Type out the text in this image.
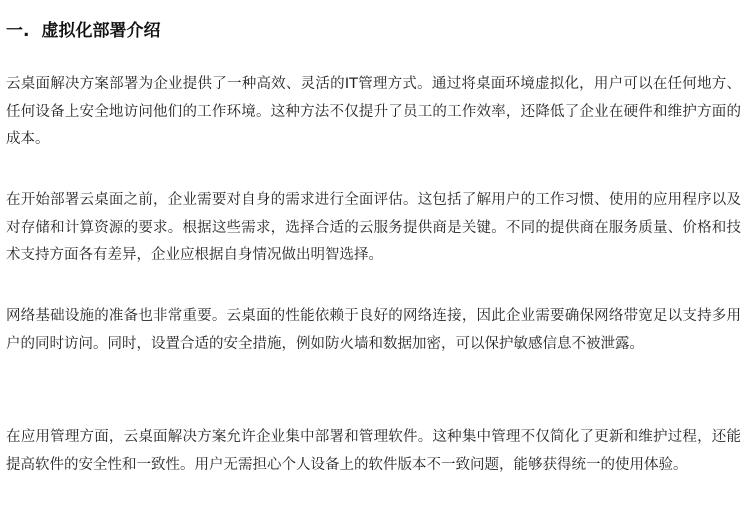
一. 虚拟化部署介绍

云桌面解决方案部署为企业提供了一种高效、灵活的IT管理方式。通过将桌面环境虚拟化，用户可以在任何地方、任何设备上安全地访问他们的工作环境。这种方法不仅提升了员工的工作效率，还降低了企业在硬件和维护方面的成本。

在开始部署云桌面之前，企业需要对自身的需求进行全面评估。这包括了解用户的工作习惯、使用的应用程序以及对存储和计算资源的要求。根据这些需求，选择合适的云服务提供商是关键。不同的提供商在服务质量、价格和技术支持方面各有差异，企业应根据自身情况做出明智选择。

网络基础设施的准备也非常重要。云桌面的性能依赖于良好的网络连接，因此企业需要确保网络带宽足以支持多用户的同时访问。同时，设置合适的安全措施，例如防火墙和数据加密，可以保护敏感信息不被泄露。

在应用管理方面，云桌面解决方案允许企业集中部署和管理软件。这种集中管理不仅简化了更新和维护过程，还能提高软件的安全性和一致性。用户无需担心个人设备上的软件版本不一致问题，能够获得统一的使用体验。
